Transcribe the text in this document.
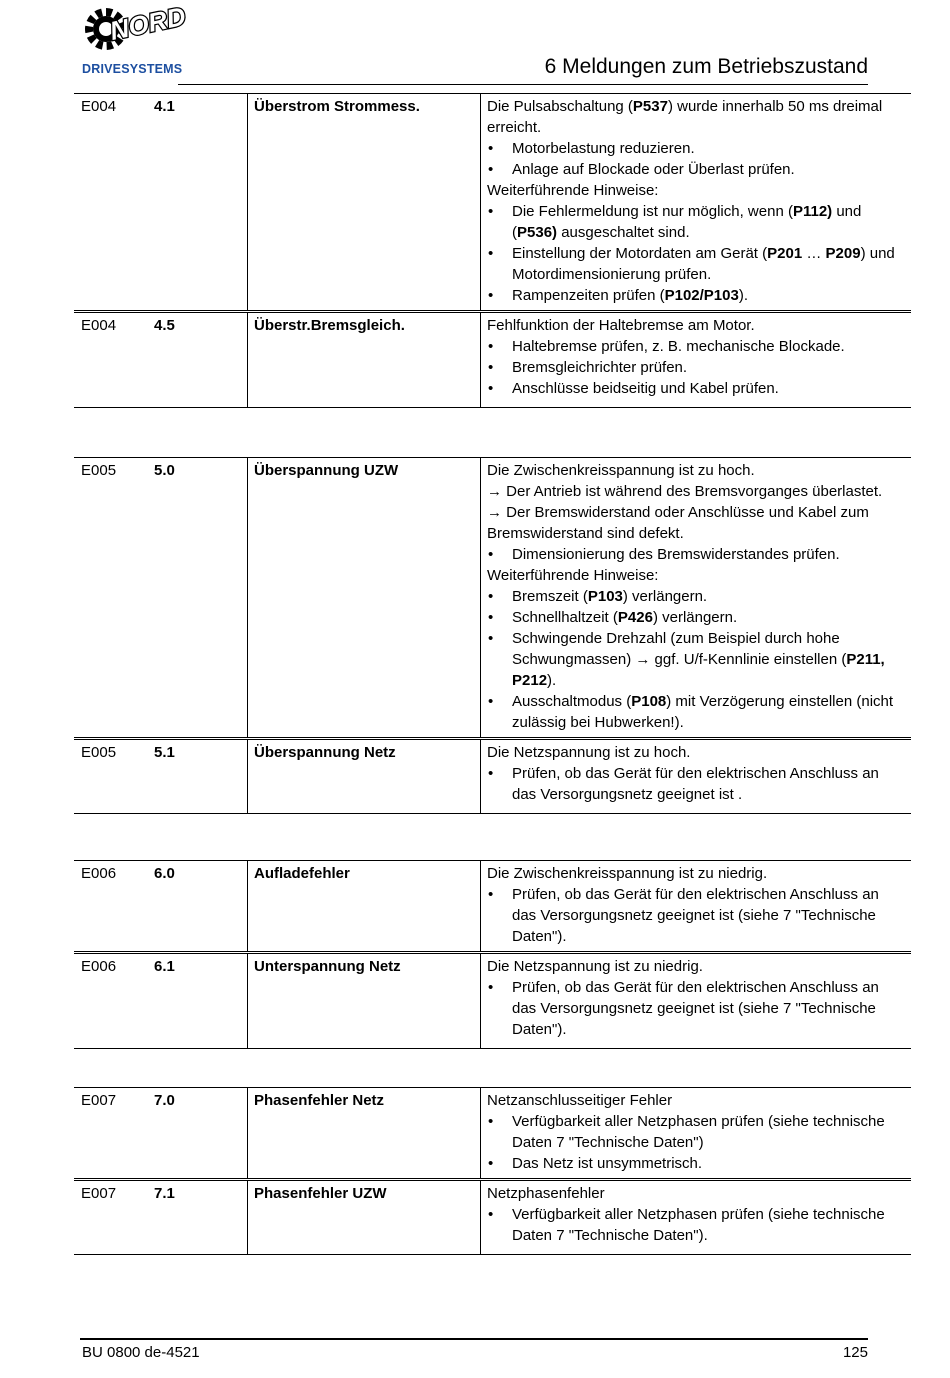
NORD
DRIVESYSTEMS	6 Meldungen zum Betriebszustand
E004	4.1	Überstrom Strommess.	Die Pulsabschaltung (P537) wurde innerhalb 50 ms dreimal erreicht.

• Motorbelastung reduzieren.

• Anlage auf Blockade oder Überlast prüfen.

Weiterführende Hinweise:

• Die Fehlermeldung ist nur möglich, wenn (P112) und (P536) ausgeschaltet sind.

• Einstellung der Motordaten am Gerät (P201 … P209) und Motordimensionierung prüfen.

• Rampenzeiten prüfen (P102/P103).

E004	4.5	Überstr.Bremsgleich.	Fehlfunktion der Haltebremse am Motor.

• Haltebremse prüfen, z. B. mechanische Blockade.

• Bremsgleichrichter prüfen.

• Anschlüsse beidseitig und Kabel prüfen.

E005	5.0	Überspannung UZW	Die Zwischenkreisspannung ist zu hoch.

→ Der Antrieb ist während des Bremsvorganges überlastet.

→ Der Bremswiderstand oder Anschlüsse und Kabel zum Bremswiderstand sind defekt.

• Dimensionierung des Bremswiderstandes prüfen.

Weiterführende Hinweise:

• Bremszeit (P103) verlängern.

• Schnellhaltzeit (P426) verlängern.

• Schwingende Drehzahl (zum Beispiel durch hohe Schwungmassen) → ggf. U/f-Kennlinie einstellen (P211, P212).

• Ausschaltmodus (P108) mit Verzögerung einstellen (nicht zulässig bei Hubwerken!).

E005	5.1	Überspannung Netz	Die Netzspannung ist zu hoch.

• Prüfen, ob das Gerät für den elektrischen Anschluss an das Versorgungsnetz geeignet ist .

E006	6.0	Aufladefehler	Die Zwischenkreisspannung ist zu niedrig.

• Prüfen, ob das Gerät für den elektrischen Anschluss an das Versorgungsnetz geeignet ist (siehe 7 "Technische Daten").

E006	6.1	Unterspannung Netz	Die Netzspannung ist zu niedrig.

• Prüfen, ob das Gerät für den elektrischen Anschluss an das Versorgungsnetz geeignet ist (siehe 7 "Technische Daten").

E007	7.0	Phasenfehler Netz	Netzanschlusseitiger Fehler

• Verfügbarkeit aller Netzphasen prüfen (siehe technische Daten 7 "Technische Daten")

• Das Netz ist unsymmetrisch.

E007	7.1	Phasenfehler UZW	Netzphasenfehler

• Verfügbarkeit aller Netzphasen prüfen (siehe technische Daten 7 "Technische Daten").

BU 0800 de-4521	125
